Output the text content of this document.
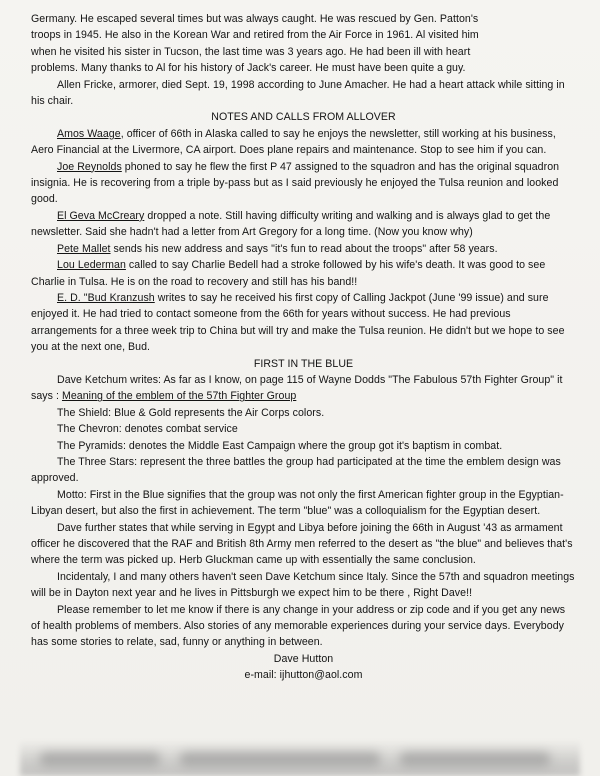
Germany. He escaped several times but was always caught. He was rescued by Gen. Patton's

troops in 1945. He also in the Korean War and retired from the Air Force in 1961. Al visited him

when he visited his sister in Tucson, the last time was 3 years ago. He had been ill with heart

problems. Many thanks to Al for his history of Jack's career. He must have been quite a guy.

Allen Fricke, armorer, died Sept. 19, 1998 according to June Amacher. He had a heart attack while sitting in his chair.

NOTES AND CALLS FROM ALLOVER

Amos Waage, officer of 66th in Alaska called to say he enjoys the newsletter, still working at his business, Aero Financial at the Livermore, CA airport. Does plane repairs and maintenance. Stop to see him if you can.

Joe Reynolds phoned to say he flew the first P 47 assigned to the squadron and has the original squadron insignia. He is recovering from a triple by-pass but as I said previously he enjoyed the Tulsa reunion and looked good.

El Geva McCreary dropped a note. Still having difficulty writing and walking and is always glad to get the newsletter. Said she hadn't had a letter from Art Gregory for a long time. (Now you know why)

Pete Mallet sends his new address and says "it's fun to read about the troops" after 58 years.

Lou Lederman called to say Charlie Bedell had a stroke followed by his wife's death. It was good to see Charlie in Tulsa. He is on the road to recovery and still has his band!!

E. D. "Bud Kranzush writes to say he received his first copy of Calling Jackpot (June '99 issue) and sure enjoyed it. He had tried to contact someone from the 66th for years without success. He had previous arrangements for a three week trip to China but will try and make the Tulsa reunion. He didn't but we hope to see you at the next one, Bud.

FIRST IN THE BLUE

Dave Ketchum writes: As far as I know, on page 115 of Wayne Dodds "The Fabulous 57th Fighter Group" it says : Meaning of the emblem of the 57th Fighter Group

The Shield: Blue & Gold represents the Air Corps colors.

The Chevron: denotes combat service

The Pyramids: denotes the Middle East Campaign where the group got it's baptism in combat.

The Three Stars: represent the three battles the group had participated at the time the emblem design was approved.

Motto: First in the Blue signifies that the group was not only the first American fighter group in the Egyptian-Libyan desert, but also the first in achievement. The term "blue" was a colloquialism for the Egyptian desert.

Dave further states that while serving in Egypt and Libya before joining the 66th in August '43 as armament officer he discovered that the RAF and British 8th Army men referred to the desert as "the blue" and believes that's where the term was picked up. Herb Gluckman came up with essentially the same conclusion.

Incidentaly, I and many others haven't seen Dave Ketchum since Italy. Since the 57th and squadron meetings will be in Dayton next year and he lives in Pittsburgh we expect him to be there , Right Dave!!

Please remember to let me know if there is any change in your address or zip code and if you get any news of health problems of members. Also stories of any memorable experiences during your service days. Everybody has some stories to relate, sad, funny or anything in between.

Dave Hutton

e-mail: ijhutton@aol.com
